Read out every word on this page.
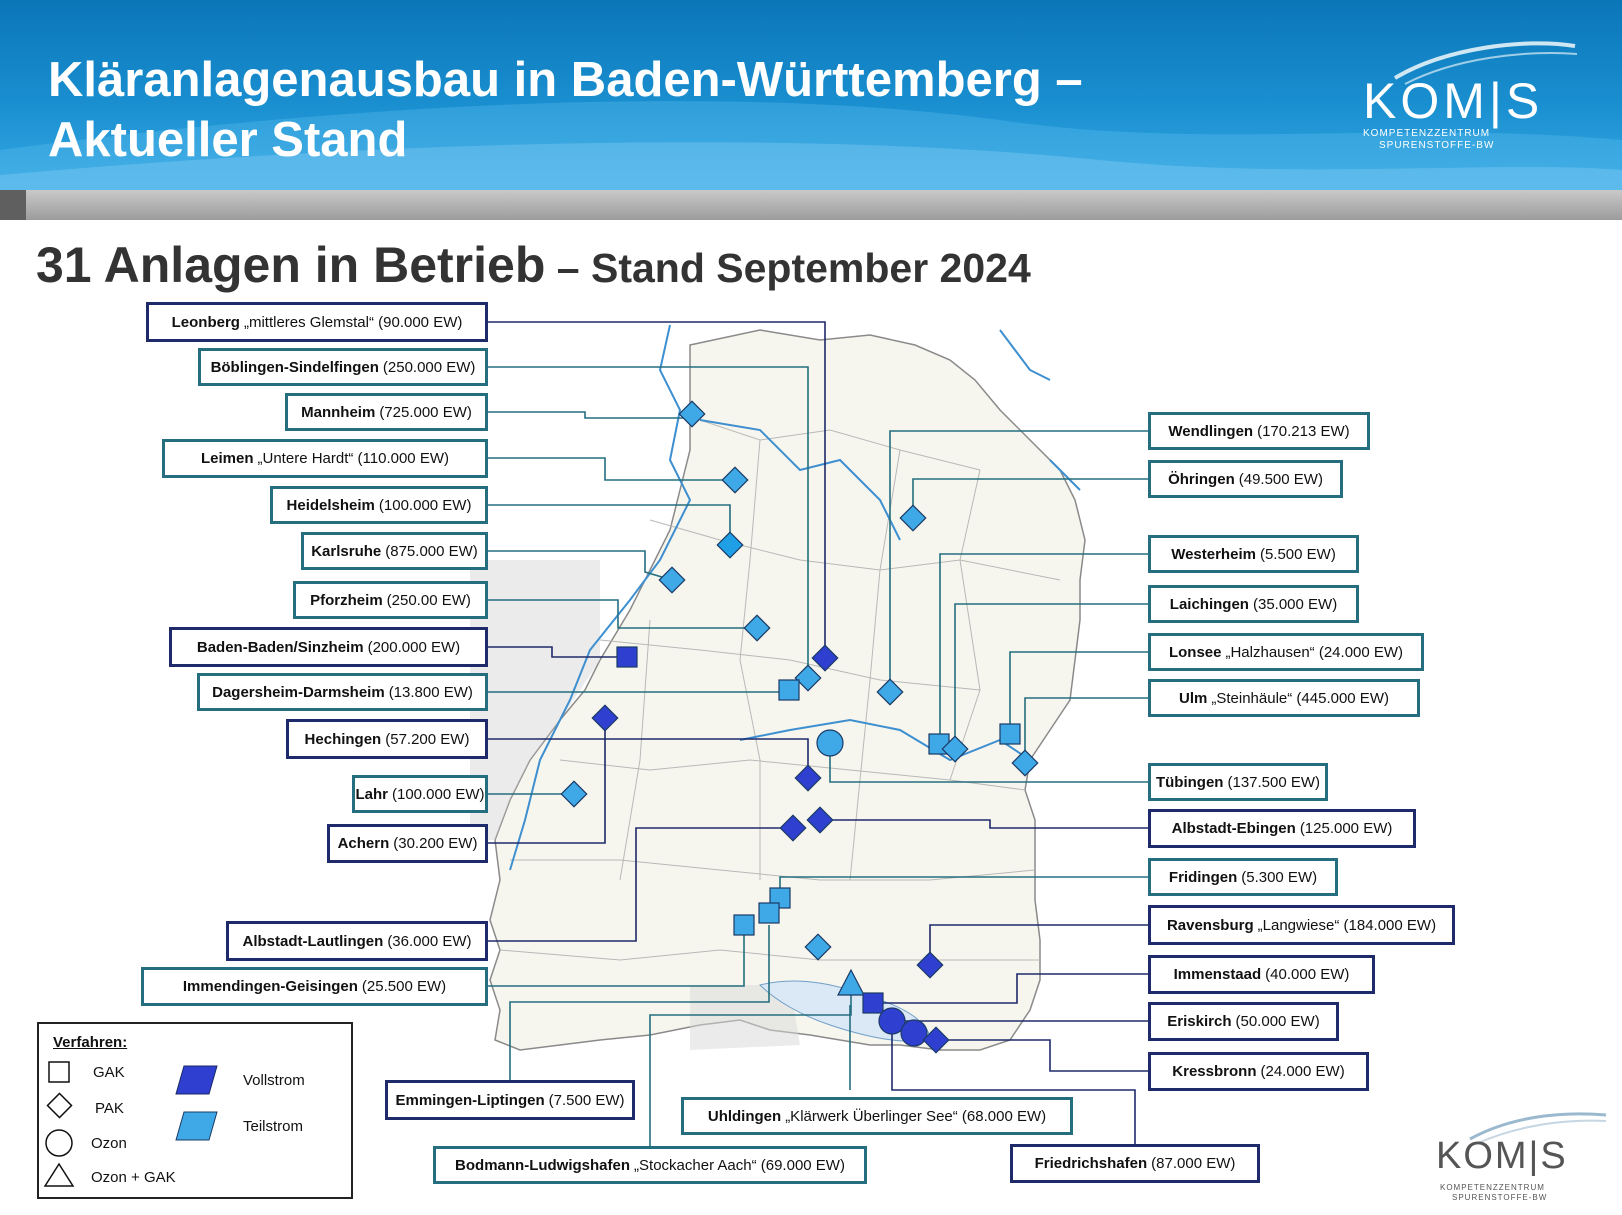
Kläranlagenausbau in Baden-Württemberg –
Aktueller Stand
KOM|S
KOMPETENZZENTRUM
SPURENSTOFFE-BW
31 Anlagen in Betrieb – Stand September 2024
Leonberg „mittleres Glemstal“ (90.000 EW)
Böblingen-Sindelfingen (250.000 EW)
Mannheim (725.000 EW)
Leimen „Untere Hardt“ (110.000 EW)
Heidelsheim (100.000 EW)
Karlsruhe (875.000 EW)
Pforzheim (250.00 EW)
Baden-Baden/Sinzheim (200.000 EW)
Dagersheim-Darmsheim (13.800 EW)
Hechingen (57.200 EW)
Lahr (100.000 EW)
Achern (30.200 EW)
Albstadt-Lautlingen (36.000 EW)
Immendingen-Geisingen (25.500 EW)
Wendlingen (170.213 EW)
Öhringen (49.500 EW)
Westerheim (5.500 EW)
Laichingen (35.000 EW)
Lonsee „Halzhausen“ (24.000 EW)
Ulm „Steinhäule“ (445.000 EW)
Tübingen (137.500 EW)
Albstadt-Ebingen (125.000 EW)
Fridingen (5.300 EW)
Ravensburg „Langwiese“ (184.000 EW)
Immenstaad (40.000 EW)
Eriskirch (50.000 EW)
Kressbronn (24.000 EW)
Emmingen-Liptingen (7.500 EW)
Uhldingen „Klärwerk Überlinger See“ (68.000 EW)
Bodmann-Ludwigshafen „Stockacher Aach“ (69.000 EW)	Friedrichshafen (87.000 EW)
Verfahren:
GAK
PAK
Ozon
Ozon + GAK
Vollstrom
Teilstrom
KOM|S
KOMPETENZZENTRUM
SPURENSTOFFE-BW
